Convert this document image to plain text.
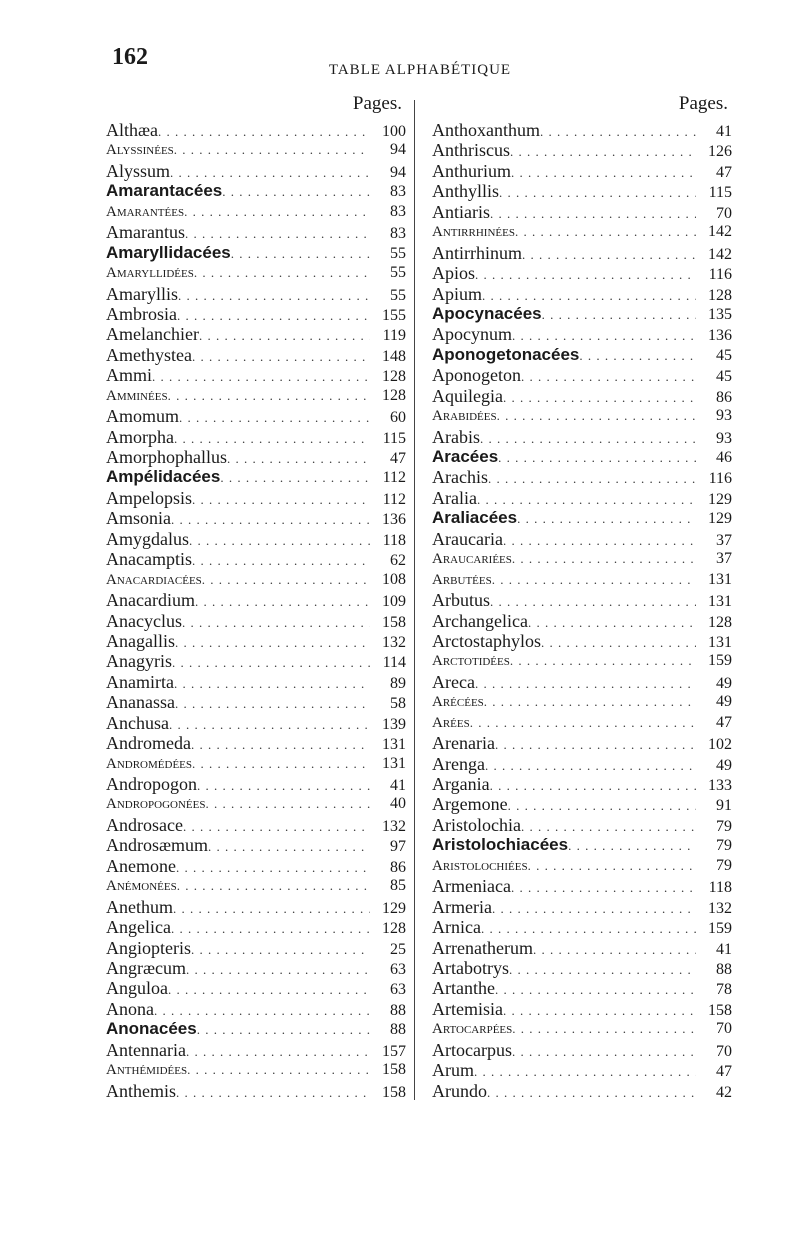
162	TABLE ALPHABÉTIQUE
Pages.
Althæa . . .	100
Alyssinées . . .	94
Alyssum . . .	94
Amarantacées . . .	83
Amarantées . . .	83
Amarantus . . .	83
Amaryllidacées . . .	55
Amaryllidées . . .	55
Amaryllis . . .	55
Ambrosia . . .	155
Amelanchier . . .	119
Amethystea . . .	148
Ammi . . .	128
Amminées . . .	128
Amomum . . .	60
Amorpha . . .	115
Amorphophallus . . .	47
Ampélidacées . . .	112
Ampelopsis . . .	112
Amsonia . . .	136
Amygdalus . . .	118
Anacamptis . . .	62
Anacardiacées . . .	108
Anacardium . . .	109
Anacyclus . . .	158
Anagallis . . .	132
Anagyris . . .	114
Anamirta . . .	89
Ananassa . . .	58
Anchusa . . .	139
Andromeda . . .	131
Andromédées . . .	131
Andropogon . . .	41
Andropogonées . . .	40
Androsace . . .	132
Androsæmum . . .	97
Anemone . . .	86
Anémonées . . .	85
Anethum . . .	129
Angelica . . .	128
Angiopteris . . .	25
Angræcum . . .	63
Anguloa . . .	63
Anona . . .	88
Anonacées . . .	88
Antennaria . . .	157
Anthémidées . . .	158
Anthemis . . .	158
Pages.
Anthoxanthum . . .	41
Anthriscus . . .	126
Anthurium . . .	47
Anthyllis . . .	115
Antiaris . . .	70
Antirrhinées . . .	142
Antirrhinum . . .	142
Apios . . .	116
Apium . . .	128
Apocynacées . . .	135
Apocynum . . .	136
Aponogetonacées . . .	45
Aponogeton . . .	45
Aquilegia . . .	86
Arabidées . . .	93
Arabis . . .	93
Aracées . . .	46
Arachis . . .	116
Aralia . . .	129
Araliacées . . .	129
Araucaria . . .	37
Araucariées . . .	37
Arbutées . . .	131
Arbutus . . .	131
Archangelica . . .	128
Arctostaphylos . . .	131
Arctotidées . . .	159
Areca . . .	49
Arécées . . .	49
Arées . . .	47
Arenaria . . .	102
Arenga . . .	49
Argania . . .	133
Argemone . . .	91
Aristolochia . . .	79
Aristolochiacées . . .	79
Aristolochiées . . .	79
Armeniaca . . .	118
Armeria . . .	132
Arnica . . .	159
Arrenatherum . . .	41
Artabotrys . . .	88
Artanthe . . .	78
Artemisia . . .	158
Artocarpées . . .	70
Artocarpus . . .	70
Arum . . .	47
Arundo . . .	42
